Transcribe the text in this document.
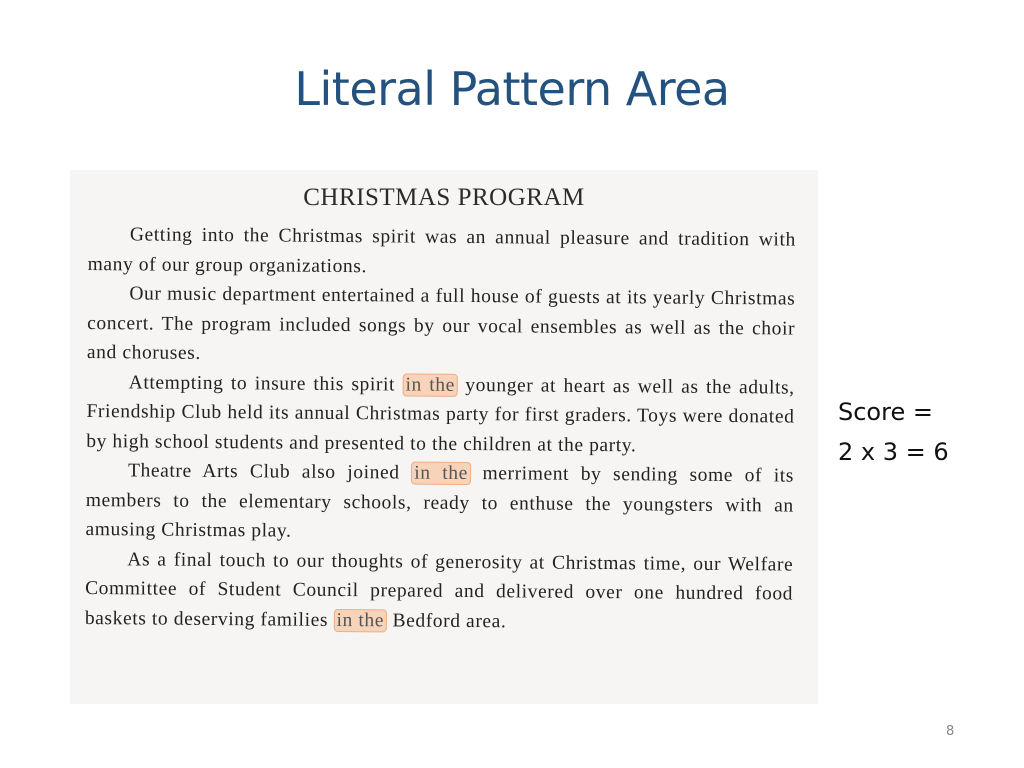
Literal Pattern Area
CHRISTMAS PROGRAM

Getting into the Christmas spirit was an annual pleasure and tradition with many of our group organizations.

Our music department entertained a full house of guests at its yearly Christmas concert. The program included songs by our vocal ensembles as well as the choir and choruses.

Attempting to insure this spirit in the younger at heart as well as the adults, Friendship Club held its annual Christmas party for first graders. Toys were donated by high school students and presented to the children at the party.

Theatre Arts Club also joined in the merriment by sending some of its members to the elementary schools, ready to enthuse the youngsters with an amusing Christmas play.

As a final touch to our thoughts of generosity at Christmas time, our Welfare Committee of Student Council prepared and delivered over one hundred food baskets to deserving families in the Bedford area.

Score =
2 x 3 = 6
8
